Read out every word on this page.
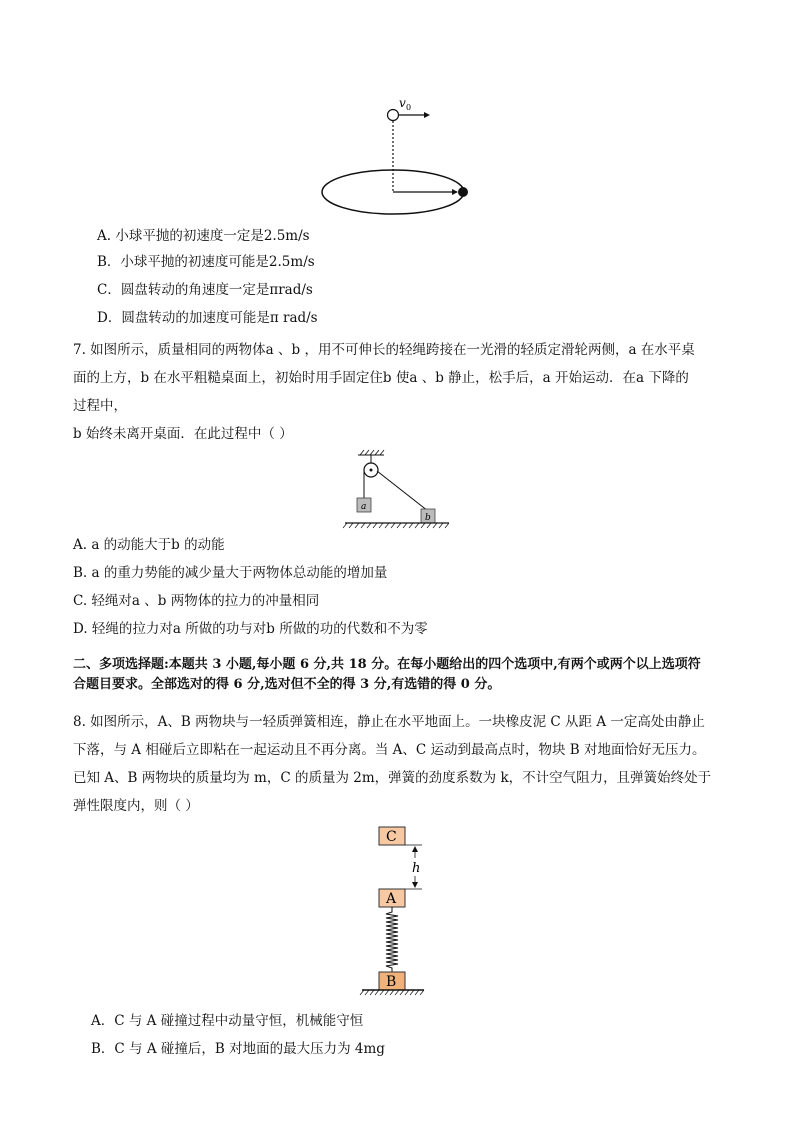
v 0
A. 小球平抛的初速度一定是2.5m/s
B．小球平抛的初速度可能是2.5m/s
C．圆盘转动的角速度一定是πrad/s
D．圆盘转动的加速度可能是π rad/s
7. 如图所示，质量相同的两物体a 、b ，用不可伸长的轻绳跨接在一光滑的轻质定滑轮两侧，a 在水平桌
面的上方，b 在水平粗糙桌面上，初始时用手固定住b 使a 、b 静止，松手后，a 开始运动．在a 下降的
过程中，
b 始终未离开桌面．在此过程中（ ）
a
b
A. a 的动能大于b 的动能
B. a 的重力势能的减少量大于两物体总动能的增加量
C. 轻绳对a 、b 两物体的拉力的冲量相同
D. 轻绳的拉力对a 所做的功与对b 所做的功的代数和不为零
二、多项选择题:本题共 3 小题,每小题 6 分,共 18 分。在每小题给出的四个选项中,有两个或两个以上选项符
合题目要求。全部选对的得 6 分,选对但不全的得 3 分,有选错的得 0 分。
8. 如图所示，A、B 两物块与一轻质弹簧相连，静止在水平地面上。一块橡皮泥 C 从距 A 一定高处由静止
下落，与 A 相碰后立即粘在一起运动且不再分离。当 A、C 运动到最高点时，物块 B 对地面恰好无压力。
已知 A、B 两物块的质量均为 m，C 的质量为 2m，弹簧的劲度系数为 k，不计空气阻力，且弹簧始终处于
弹性限度内，则（ ）
C
h
A
B
A．C 与 A 碰撞过程中动量守恒，机械能守恒
B．C 与 A 碰撞后，B 对地面的最大压力为 4mg
